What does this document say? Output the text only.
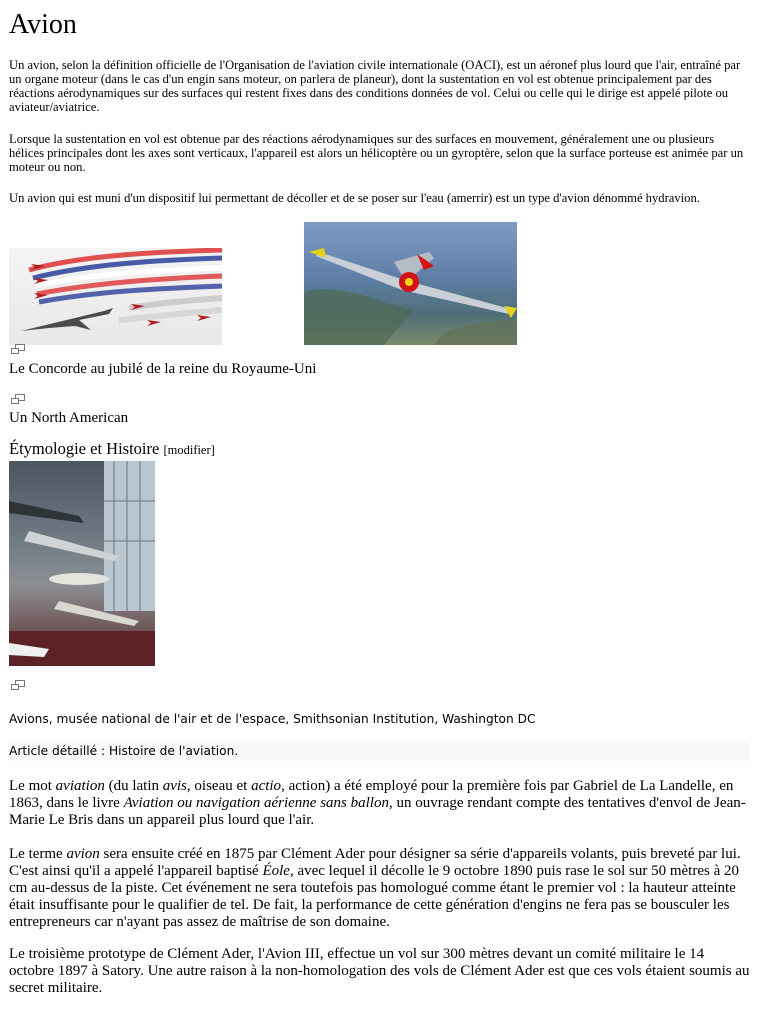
Avion

Un avion, selon la définition officielle de l'Organisation de l'aviation civile internationale (OACI), est un aéronef plus lourd que l'air, entraîné par un organe moteur (dans le cas d'un engin sans moteur, on parlera de planeur), dont la sustentation en vol est obtenue principalement par des réactions aérodynamiques sur des surfaces qui restent fixes dans des conditions données de vol. Celui ou celle qui le dirige est appelé pilote ou aviateur/aviatrice.

Lorsque la sustentation en vol est obtenue par des réactions aérodynamiques sur des surfaces en mouvement, généralement une ou plusieurs hélices principales dont les axes sont verticaux, l'appareil est alors un hélicoptère ou un gyroptère, selon que la surface porteuse est animée par un moteur ou non.

Un avion qui est muni d'un dispositif lui permettant de décoller et de se poser sur l'eau (amerrir) est un type d'avion dénommé hydravion.

Le Concorde au jubilé de la reine du Royaume-Uni

Un North American

Étymologie et Histoire [modifier]

Avions, musée national de l'air et de l'espace, Smithsonian Institution, Washington DC

Article détaillé : Histoire de l'aviation.

Le mot aviation (du latin avis, oiseau et actio, action) a été employé pour la première fois par Gabriel de La Landelle, en 1863, dans le livre Aviation ou navigation aérienne sans ballon, un ouvrage rendant compte des tentatives d'envol de Jean-Marie Le Bris dans un appareil plus lourd que l'air.

Le terme avion sera ensuite créé en 1875 par Clément Ader pour désigner sa série d'appareils volants, puis breveté par lui. C'est ainsi qu'il a appelé l'appareil baptisé Éole, avec lequel il décolle le 9 octobre 1890 puis rase le sol sur 50 mètres à 20 cm au-dessus de la piste. Cet événement ne sera toutefois pas homologué comme étant le premier vol : la hauteur atteinte était insuffisante pour le qualifier de tel. De fait, la performance de cette génération d'engins ne fera pas se bousculer les entrepreneurs car n'ayant pas assez de maîtrise de son domaine.

Le troisième prototype de Clément Ader, l'Avion III, effectue un vol sur 300 mètres devant un comité militaire le 14 octobre 1897 à Satory. Une autre raison à la non-homologation des vols de Clément Ader est que ces vols étaient soumis au secret militaire.
